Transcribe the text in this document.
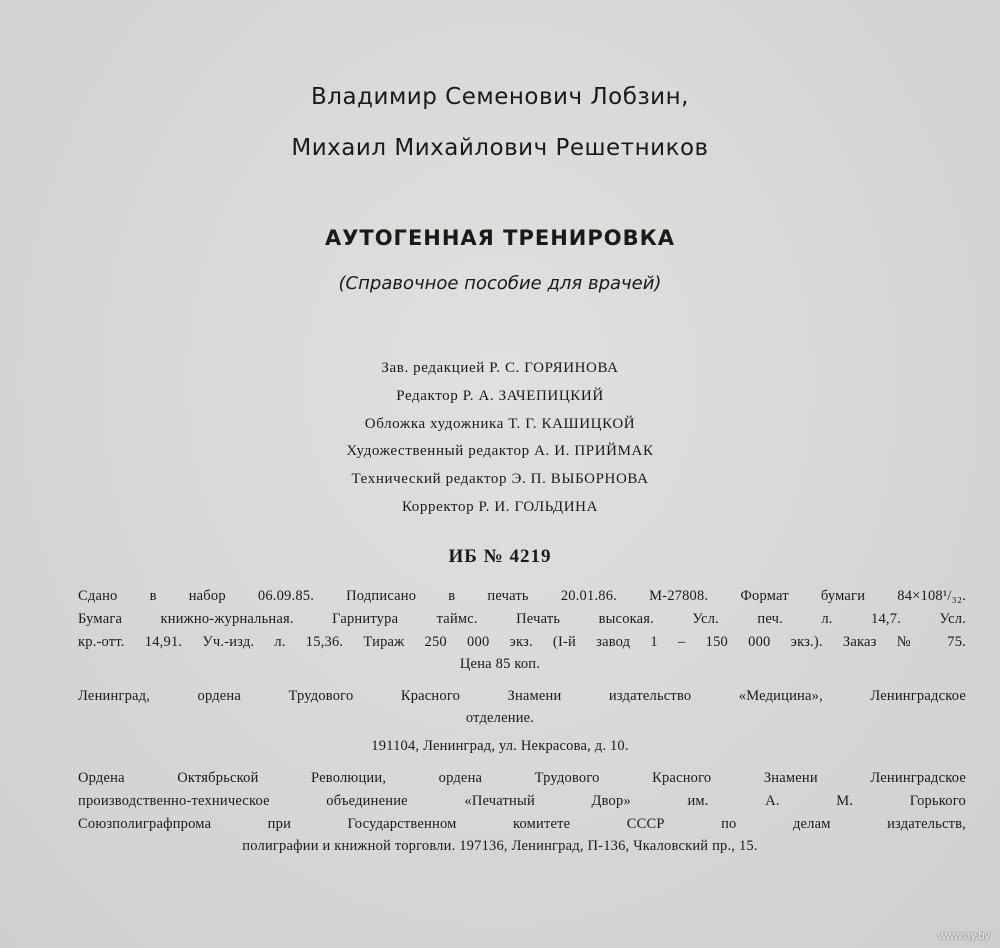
Владимир Семенович Лобзин,
Михаил Михайлович Решетников
АУТОГЕННАЯ ТРЕНИРОВКА
(Справочное пособие для врачей)
Зав. редакцией Р. С. ГОРЯИНОВА
Редактор Р. А. ЗАЧЕПИЦКИЙ
Обложка художника Т. Г. КАШИЦКОЙ
Художественный редактор А. И. ПРИЙМАК
Технический редактор Э. П. ВЫБОРНОВА
Корректор Р. И. ГОЛЬДИНА
ИБ № 4219
Сдано в набор 06.09.85. Подписано в печать 20.01.86. М-27808. Формат бумаги 84×108¹/₃₂.
Бумага книжно-журнальная. Гарнитура таймс. Печать высокая. Усл. печ. л. 14,7. Усл.
кр.-отт. 14,91. Уч.-изд. л. 15,36. Тираж 250 000 экз. (I-й завод 1 – 150 000 экз.). Заказ № 75.
Цена 85 коп.
Ленинград, ордена Трудового Красного Знамени издательство «Медицина», Ленинградское
отделение.
191104, Ленинград, ул. Некрасова, д. 10.
Ордена Октябрьской Революции, ордена Трудового Красного Знамени Ленинградское
производственно-техническое объединение «Печатный Двор» им. А. М. Горького
Союзполиграфпрома при Государственном комитете СССР по делам издательств,
полиграфии и книжной торговли. 197136, Ленинград, П-136, Чкаловский пр., 15.
www.ay.by
